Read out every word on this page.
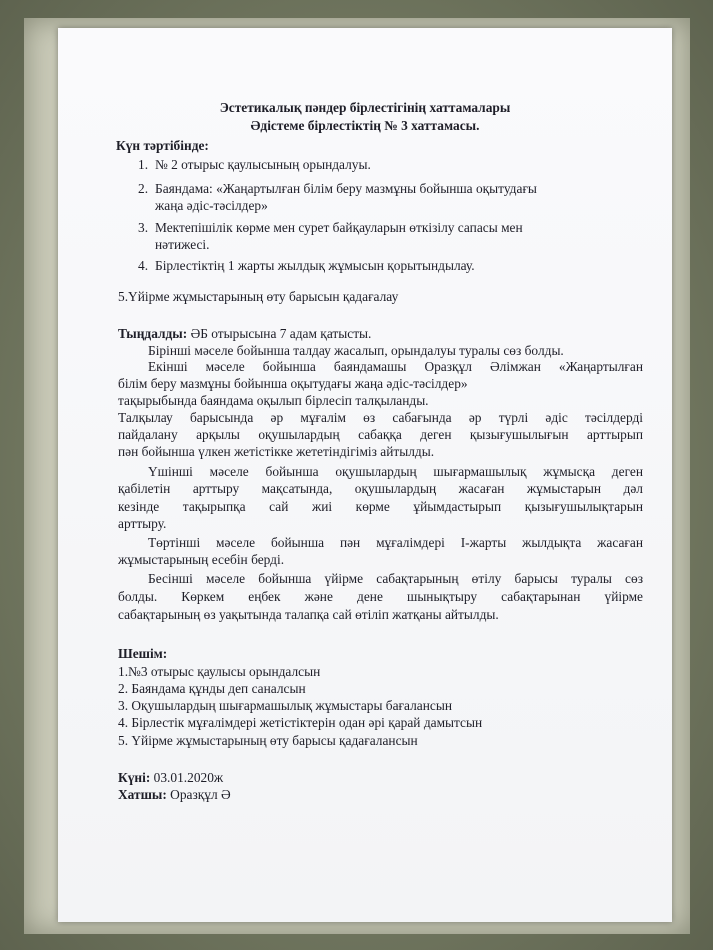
Эстетикалық пәндер бірлестігінің хаттамалары
Әдістеме бірлестіктің № 3 хаттамасы.
Күн тәртібінде:
1. № 2 отырыс қаулысының орындалуы.
2. Баяндама: «Жаңартылған білім беру мазмұны бойынша оқытудағы
жаңа әдіс-тәсілдер»
3. Мектепішілік көрме мен сурет байқауларын өткізілу сапасы мен
нәтижесі.
4. Бірлестіктің 1 жарты жылдық жұмысын қорытындылау.
5.Үйірме жұмыстарының өту барысын қадағалау
Тыңдалды: ӘБ отырысына 7 адам қатысты.
Бірінші мәселе бойынша талдау жасалып, орындалуы туралы сөз болды.
Екінші мәселе бойынша баяндамашы Оразқұл Әлімжан «Жаңартылған
білім беру мазмұны бойынша оқытудағы жаңа әдіс-тәсілдер»
тақырыбында баяндама оқылып бірлесіп талқыланды.
Талқылау барысында әр мұғалім өз сабағында әр түрлі әдіс тәсілдерді
пайдалану арқылы оқушылардың сабаққа деген қызығушылығын арттырып
пән бойынша үлкен жетістікке жететіндігіміз айтылды.
Үшінші мәселе бойынша оқушылардың шығармашылық жұмысқа деген
қабілетін арттыру мақсатында, оқушылардың жасаған жұмыстарын дәл
кезінде тақырыпқа сай жиі көрме ұйымдастырып қызығушылықтарын
арттыру.
Төртінші мәселе бойынша пән мұғалімдері І-жарты жылдықта жасаған
жұмыстарының есебін берді.
Бесінші мәселе бойынша үйірме сабақтарының өтілу барысы туралы сөз
болды. Көркем еңбек және дене шынықтыру сабақтарынан үйірме
сабақтарының өз уақытында талапқа сай өтіліп жатқаны айтылды.
Шешім:
1.№3 отырыс қаулысы орындалсын
2. Баяндама құнды деп саналсын
3. Оқушылардың шығармашылық жұмыстары бағалансын
4. Бірлестік мұғалімдері жетістіктерін одан әрі қарай дамытсын
5. Үйірме жұмыстарының өту барысы қадағалансын
Күні: 03.01.2020ж
Хатшы: Оразқұл Ә
